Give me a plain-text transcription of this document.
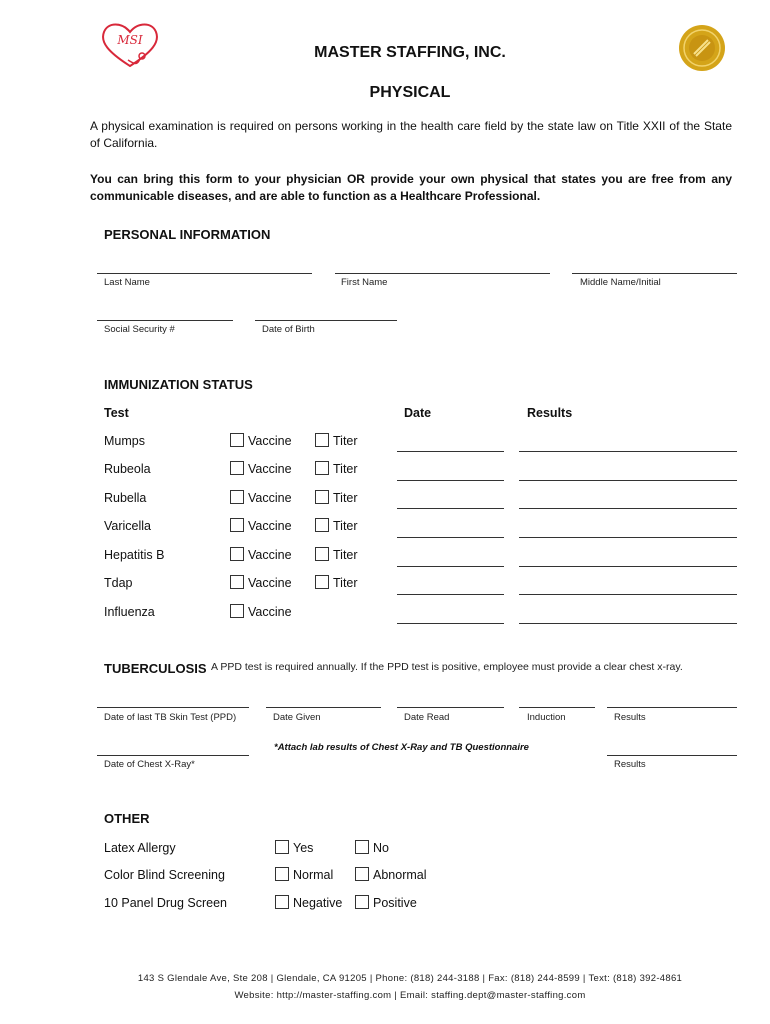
MSI
MASTER STAFFING, INC.
PHYSICAL
A physical examination is required on persons working in the health care field by the state law on Title XXII of the State of California.
You can bring this form to your physician OR provide your own physical that states you are free from any communicable diseases, and are able to function as a Healthcare Professional.
PERSONAL INFORMATION
Last Name	First Name	Middle Name/Initial
Social Security #	Date of Birth
IMMUNIZATION STATUS
Test	Date	Results
Mumps	Vaccine	Titer
Rubeola	Vaccine	Titer
Rubella	Vaccine	Titer
Varicella	Vaccine	Titer
Hepatitis B	Vaccine	Titer
Tdap	Vaccine	Titer
Influenza	Vaccine
TUBERCULOSIS A PPD test is required annually. If the PPD test is positive, employee must provide a clear chest x-ray.
Date of last TB Skin Test (PPD)	Date Given	Date Read	Induction	Results
*Attach lab results of Chest X-Ray and TB Questionnaire
Date of Chest X-Ray*	Results
OTHER
Latex Allergy	Yes	No
Color Blind Screening	Normal	Abnormal
10 Panel Drug Screen	Negative Positive
143 S Glendale Ave, Ste 208 | Glendale, CA 91205 | Phone: (818) 244-3188 | Fax: (818) 244-8599 | Text: (818) 392-4861
Website: http://master-staffing.com | Email: staffing.dept@master-staffing.com
